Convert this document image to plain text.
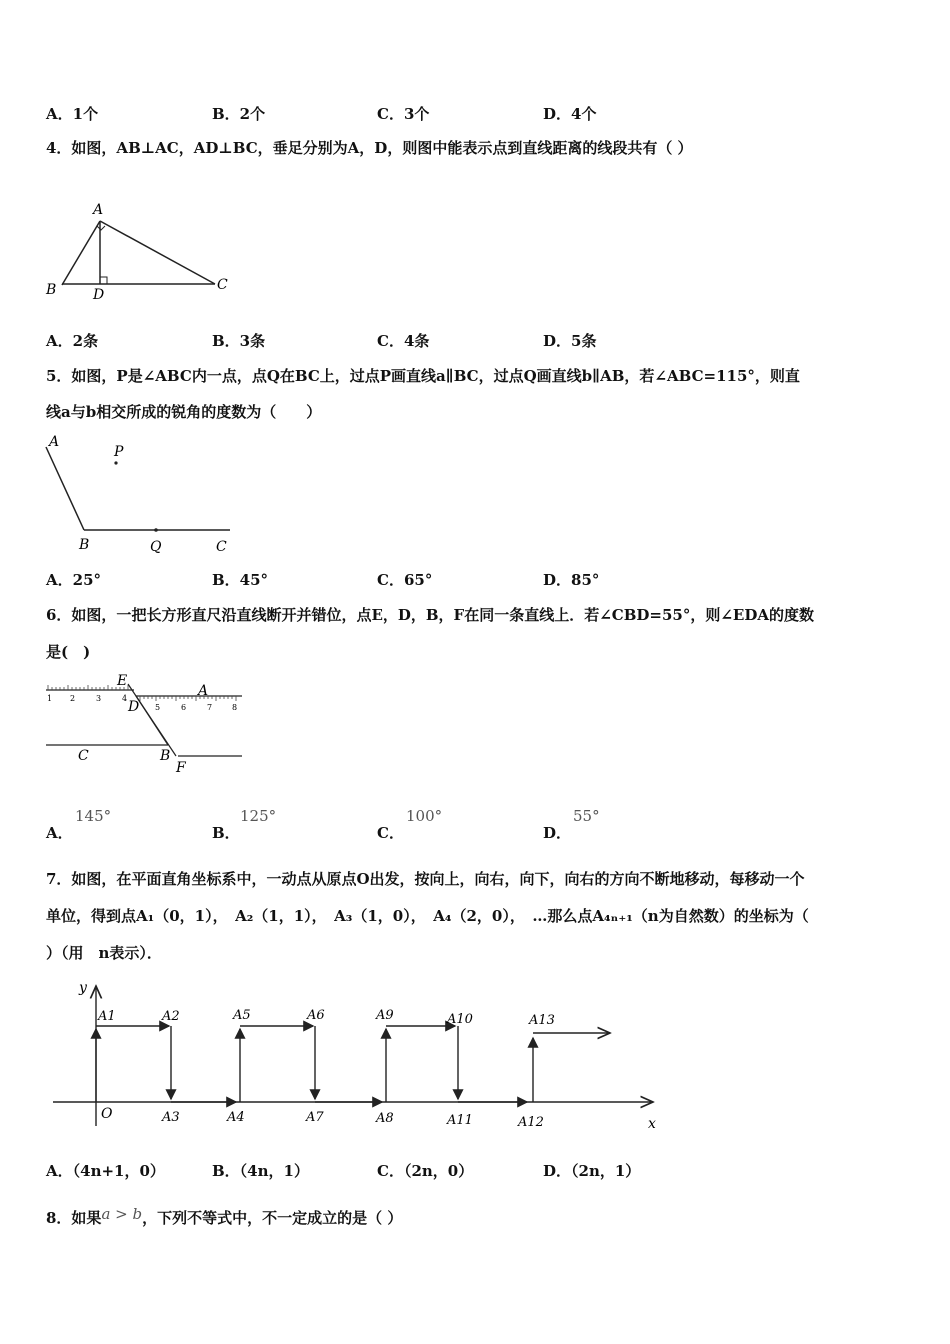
A．1个	B．2个	C．3个	D．4个
4．如图，AB⊥AC，AD⊥BC，垂足分别为A，D，则图中能表示点到直线距离的线段共有（ ）
A
B	C
D
A．2条	B．3条	C．4条	D．5条
5．如图，P是∠ABC内一点，点Q在BC上，过点P画直线a∥BC，过点Q画直线b∥AB，若∠ABC=115°，则直
线a与b相交所成的锐角的度数为（　　）
A
P
B	Q	C
A．25°	B．45°	C．65°	D．85°
6．如图，一把长方形直尺沿直线断开并错位，点E，D，B，F在同一条直线上．若∠CBD=55°，则∠EDA的度数
是(　)
1 2	3	4
5	6	7 8
E
A
D
C	B
F
A．
145°
B．
125°
C．
100°
D．
55°
7．如图，在平面直角坐标系中，一动点从原点O出发，按向上，向右，向下，向右的方向不断地移动，每移动一个
单位，得到点A₁（0，1），　A₂（1，1），　A₃（1，0），　A₄（2，0），　…那么点A₄ₙ₊₁（n为自然数）的坐标为（
）（用　n表示）．
y
A1	A2	A5	A6	A9	A10	A13
O	A3	A4	A7	A8	A11	A12	x
A．（4n+1，0）	B．（4n，1）	C．（2n，0）	D．（2n，1）
8．如果a > b，下列不等式中，不一定成立的是（ ）
